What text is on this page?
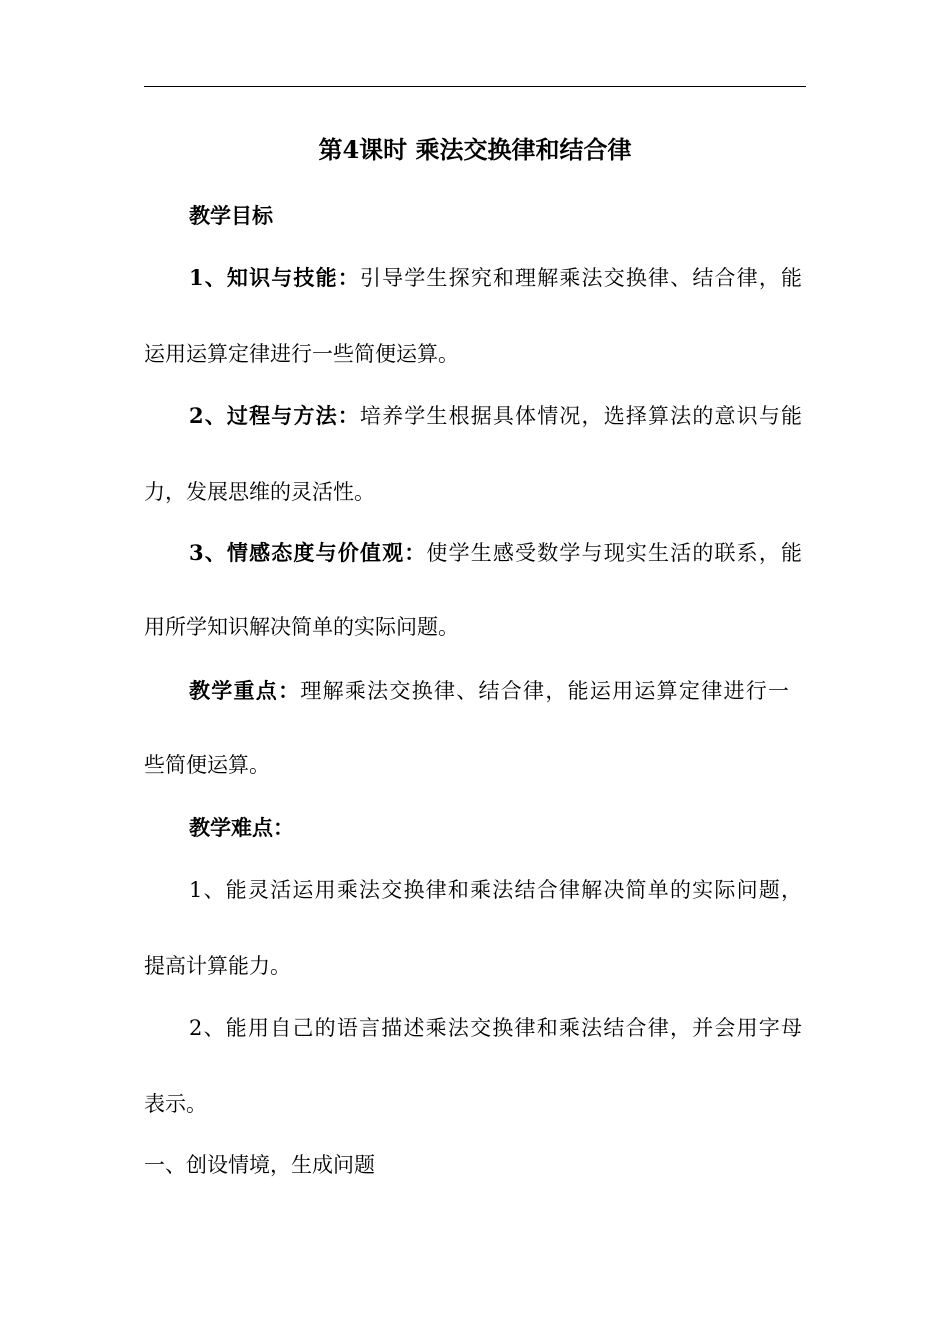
第4课时 乘法交换律和结合律
教学目标
1、知识与技能：引导学生探究和理解乘法交换律、结合律，能
运用运算定律进行一些简便运算。
2、过程与方法：培养学生根据具体情况，选择算法的意识与能
力，发展思维的灵活性。
3、情感态度与价值观：使学生感受数学与现实生活的联系，能
用所学知识解决简单的实际问题。
教学重点：理解乘法交换律、结合律，能运用运算定律进行一
些简便运算。
教学难点：
1、能灵活运用乘法交换律和乘法结合律解决简单的实际问题，
提高计算能力。
2、能用自己的语言描述乘法交换律和乘法结合律，并会用字母
表示。
一、创设情境，生成问题
